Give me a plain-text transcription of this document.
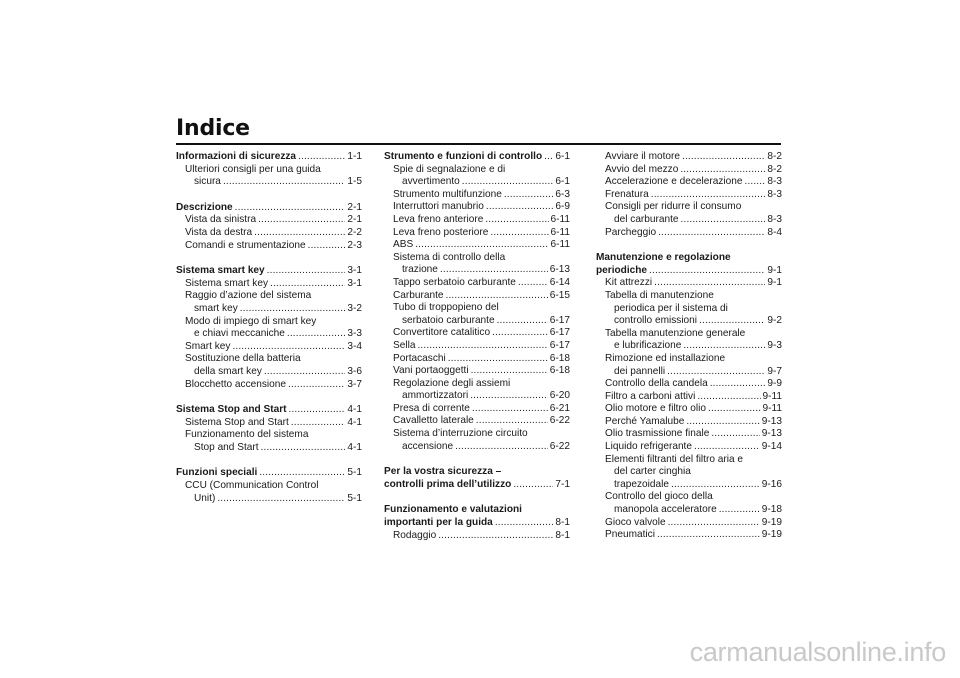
Indice
Informazioni di sicurezza .....	1-1
Ulteriori consigli per una guida
sicura .....	1-5
Descrizione .....	2-1
Vista da sinistra .....	2-1
Vista da destra .....	2-2
Comandi e strumentazione .....	2-3
Sistema smart key .....	3-1
Sistema smart key .....	3-1
Raggio d’azione del sistema
smart key .....	3-2
Modo di impiego di smart key
e chiavi meccaniche .....	3-3
Smart key .....	3-4
Sostituzione della batteria
della smart key .....	3-6
Blocchetto accensione .....	3-7
Sistema Stop and Start .....	4-1
Sistema Stop and Start .....	4-1
Funzionamento del sistema
Stop and Start .....	4-1
Funzioni speciali .....	5-1
CCU (Communication Control
Unit) .....	5-1
Strumento e funzioni di controllo ..... 6-1
Spie di segnalazione e di
avvertimento .....	6-1
Strumento multifunzione .....	6-3
Interruttori manubrio .....	6-9
Leva freno anteriore .....	6-11
Leva freno posteriore .....	6-11
ABS .....	6-11
Sistema di controllo della
trazione .....	6-13
Tappo serbatoio carburante .....	6-14
Carburante .....	6-15
Tubo di troppopieno del
serbatoio carburante .....	6-17
Convertitore catalitico .....	6-17
Sella .....	6-17
Portacaschi .....	6-18
Vani portaoggetti .....	6-18
Regolazione degli assiemi
ammortizzatori .....	6-20
Presa di corrente .....	6-21
Cavalletto laterale .....	6-22
Sistema d’interruzione circuito
accensione .....	6-22
Per la vostra sicurezza –
controlli prima dell’utilizzo .....	7-1
Funzionamento e valutazioni
importanti per la guida .....	8-1
Rodaggio .....	8-1
Avviare il motore .....	8-2
Avvio del mezzo .....	8-2
Accelerazione e decelerazione ..... 8-3
Frenatura .....	8-3
Consigli per ridurre il consumo
del carburante .....	8-3
Parcheggio .....	8-4
Manutenzione e regolazione
periodiche .....	9-1
Kit attrezzi .....	9-1
Tabella di manutenzione
periodica per il sistema di
controllo emissioni .....	9-2
Tabella manutenzione generale
e lubrificazione .....	9-3
Rimozione ed installazione
dei pannelli .....	9-7
Controllo della candela .....	9-9
Filtro a carboni attivi .....	9-11
Olio motore e filtro olio .....	9-11
Perché Yamalube .....	9-13
Olio trasmissione finale .....	9-13
Liquido refrigerante .....	9-14
Elementi filtranti del filtro aria e
del carter cinghia
trapezoidale .....	9-16
Controllo del gioco della
manopola acceleratore .....	9-18
Gioco valvole .....	9-19
Pneumatici .....	9-19
carmanualsonline.info
